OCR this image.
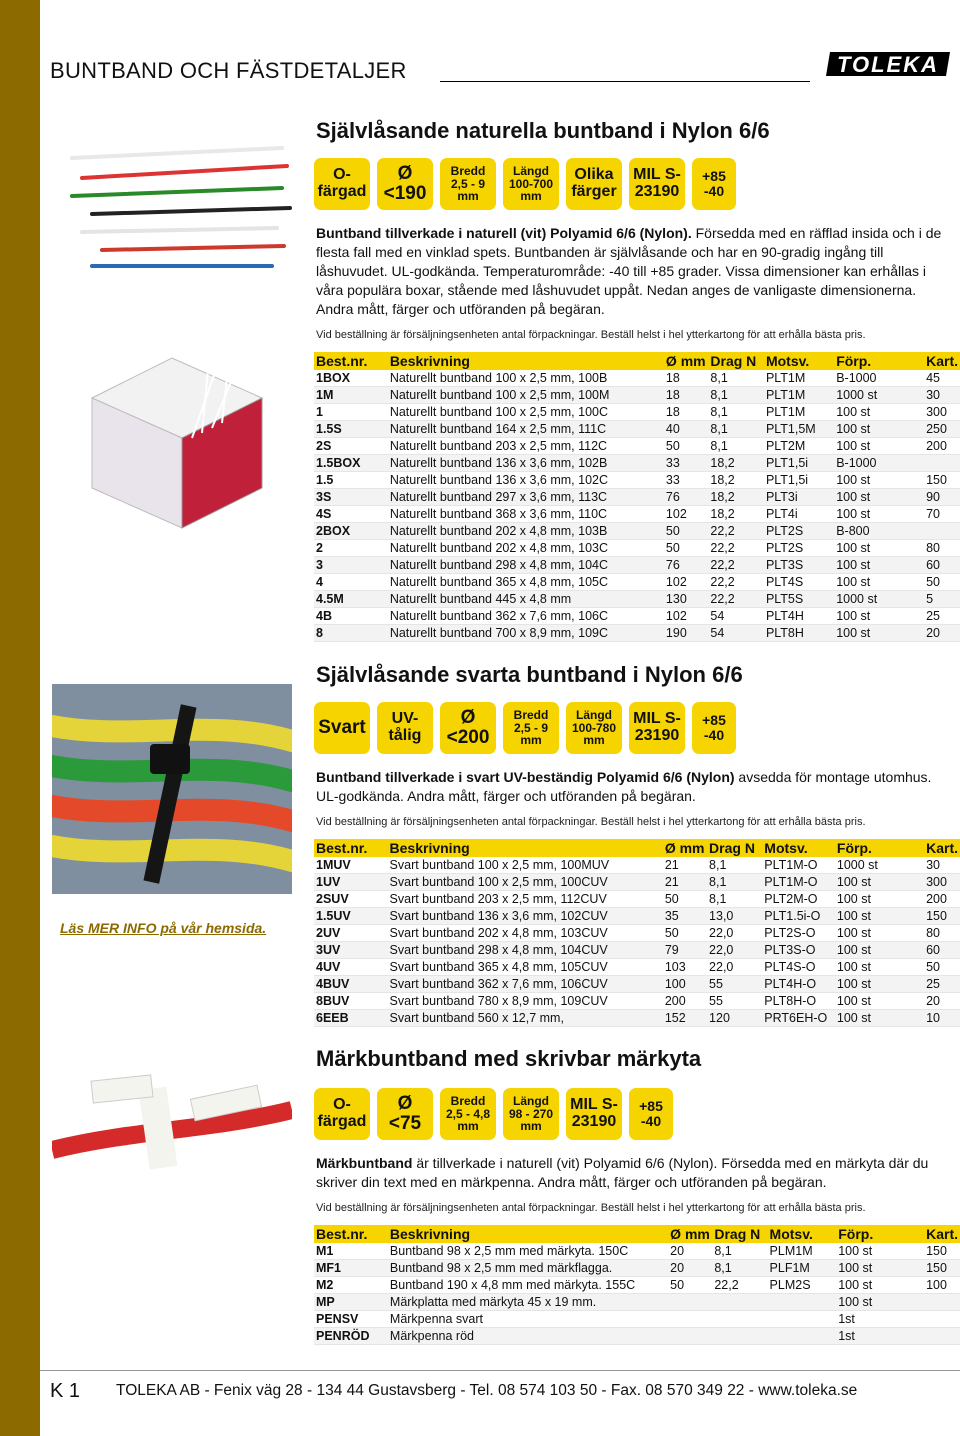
BUNTBAND OCH FÄSTDETALJER	TOLEKA
Självlåsande naturella buntband i Nylon 6/6
O-
färgad
Ø
<190
Bredd
2,5 - 9
mm
Längd
100-700
mm
Olika
färger
MIL S-
23190
+85
-40
Buntband tillverkade i naturell (vit) Polyamid 6/6 (Nylon). Försedda med en räfflad insida och i de flesta fall med en vinklad spets. Buntbanden är självlåsande och har en 90-gradig ingång till låshuvudet. UL-godkända. Temperaturområde: -40 till +85 grader. Vissa dimensioner kan erhållas i våra populära boxar, stående med låshuvudet uppåt. Nedan anges de vanligaste dimensionerna. Andra mått, färger och utföranden på begäran.
Vid beställning är försäljningsenheten antal förpackningar. Beställ helst i hel ytterkartong för att erhålla bästa pris.
Best.nr.	Beskrivning	Ø mm	Drag N	Motsv.	Förp.	Kart.
1BOX	Naturellt buntband 100 x 2,5 mm, 100B	18	8,1	PLT1M	B-1000	45
1M	Naturellt buntband 100 x 2,5 mm, 100M	18	8,1	PLT1M	1000 st	30
1	Naturellt buntband 100 x 2,5 mm, 100C	18	8,1	PLT1M	100 st	300
1.5S	Naturellt buntband 164 x 2,5 mm, 111C	40	8,1	PLT1,5M	100 st	250
2S	Naturellt buntband 203 x 2,5 mm, 112C	50	8,1	PLT2M	100 st	200
1.5BOX	Naturellt buntband 136 x 3,6 mm, 102B	33	18,2	PLT1,5i	B-1000	
1.5	Naturellt buntband 136 x 3,6 mm, 102C	33	18,2	PLT1,5i	100 st	150
3S	Naturellt buntband 297 x 3,6 mm, 113C	76	18,2	PLT3i	100 st	90
4S	Naturellt buntband 368 x 3,6 mm, 110C	102	18,2	PLT4i	100 st	70
2BOX	Naturellt buntband 202 x 4,8 mm, 103B	50	22,2	PLT2S	B-800	
2	Naturellt buntband 202 x 4,8 mm, 103C	50	22,2	PLT2S	100 st	80
3	Naturellt buntband 298 x 4,8 mm, 104C	76	22,2	PLT3S	100 st	60
4	Naturellt buntband 365 x 4,8 mm, 105C	102	22,2	PLT4S	100 st	50
4.5M	Naturellt buntband 445 x 4,8 mm	130	22,2	PLT5S	1000 st	5
4B	Naturellt buntband 362 x 7,6 mm, 106C	102	54	PLT4H	100 st	25
8	Naturellt buntband 700 x 8,9 mm, 109C	190	54	PLT8H	100 st	20
Självlåsande svarta buntband i Nylon 6/6
Svart UV-
tålig
Ø
<200
Bredd
2,5 - 9
mm
Längd
100-780
mm
MIL S-
23190
+85
-40
Buntband tillverkade i svart UV-beständig Polyamid 6/6 (Nylon) avsedda för montage utomhus. UL-godkända. Andra mått, färger och utföranden på begäran.
Vid beställning är försäljningsenheten antal förpackningar. Beställ helst i hel ytterkartong för att erhålla bästa pris.
Best.nr.	Beskrivning	Ø mm	Drag N	Motsv.	Förp.	Kart.
1MUV	Svart buntband 100 x 2,5 mm, 100MUV	21	8,1	PLT1M-O	1000 st	30
1UV	Svart buntband 100 x 2,5 mm, 100CUV	21	8,1	PLT1M-O	100 st	300
2SUV	Svart buntband 203 x 2,5 mm, 112CUV	50	8,1	PLT2M-O	100 st	200
1.5UV	Svart buntband 136 x 3,6 mm, 102CUV	35	13,0	PLT1.5i-O	100 st	150
2UV	Svart buntband 202 x 4,8 mm, 103CUV	50	22,0	PLT2S-O	100 st	80
3UV	Svart buntband 298 x 4,8 mm, 104CUV	79	22,0	PLT3S-O	100 st	60
4UV	Svart buntband 365 x 4,8 mm, 105CUV	103	22,0	PLT4S-O	100 st	50
4BUV	Svart buntband 362 x 7,6 mm, 106CUV	100	55	PLT4H-O	100 st	25
8BUV	Svart buntband 780 x 8,9 mm, 109CUV	200	55	PLT8H-O	100 st	20
6EEB	Svart buntband 560 x 12,7 mm,	152	120	PRT6EH-O	100 st	10
Läs MER INFO på vår hemsida.
Märkbuntband med skrivbar märkyta
O-
färgad
Ø
<75
Bredd
2,5 - 4,8
mm
Längd
98 - 270
mm
MIL S-
23190
+85
-40
Märkbuntband är tillverkade i naturell (vit) Polyamid 6/6 (Nylon). Försedda med en märkyta där du skriver din text med en märkpenna. Andra mått, färger och utföranden på begäran.
Vid beställning är försäljningsenheten antal förpackningar. Beställ helst i hel ytterkartong för att erhålla bästa pris.
Best.nr.	Beskrivning	Ø mm	Drag N	Motsv.	Förp.	Kart.
M1	Buntband 98 x 2,5 mm med märkyta. 150C	20	8,1	PLM1M	100 st	150
MF1	Buntband 98 x 2,5 mm med märkflagga.	20	8,1	PLF1M	100 st	150
M2	Buntband 190 x 4,8 mm med märkyta. 155C	50	22,2	PLM2S	100 st	100
MP	Märkplatta med märkyta 45 x 19 mm.				100 st	
PENSV	Märkpenna svart				1st	
PENRÖD	Märkpenna röd				1st	
K 1 TOLEKA AB - Fenix väg 28 - 134 44 Gustavsberg - Tel. 08 574 103 50 - Fax. 08 570 349 22 - www.toleka.se
